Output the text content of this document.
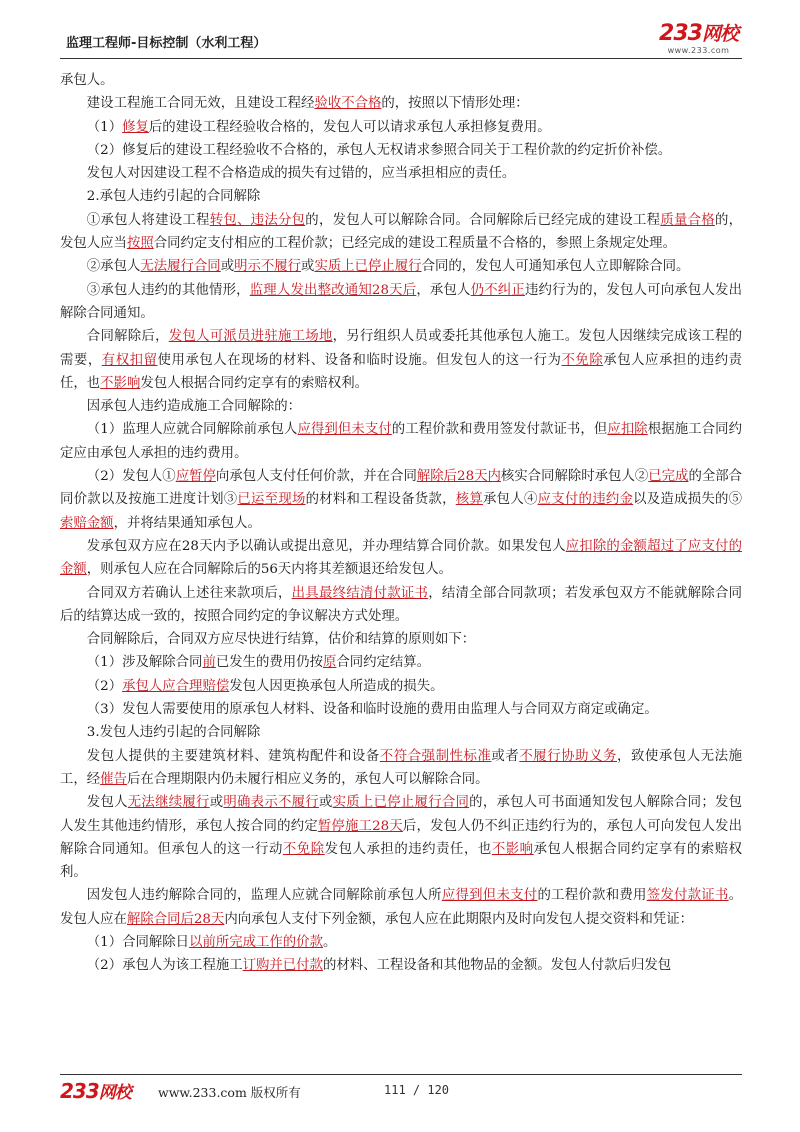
监理工程师-目标控制（水利工程）	233网校
www.233.com

承包人。

建设工程施工合同无效，且建设工程经验收不合格的，按照以下情形处理：

（1）修复后的建设工程经验收合格的，发包人可以请求承包人承担修复费用。

（2）修复后的建设工程经验收不合格的，承包人无权请求参照合同关于工程价款的约定折价补偿。

发包人对因建设工程不合格造成的损失有过错的，应当承担相应的责任。

2.承包人违约引起的合同解除

①承包人将建设工程转包、违法分包的，发包人可以解除合同。合同解除后已经完成的建设工程质量合格的，发包人应当按照合同约定支付相应的工程价款；已经完成的建设工程质量不合格的，参照上条规定处理。

②承包人无法履行合同或明示不履行或实质上已停止履行合同的，发包人可通知承包人立即解除合同。

③承包人违约的其他情形，监理人发出整改通知28天后，承包人仍不纠正违约行为的，发包人可向承包人发出解除合同通知。

合同解除后，发包人可派员进驻施工场地，另行组织人员或委托其他承包人施工。发包人因继续完成该工程的需要，有权扣留使用承包人在现场的材料、设备和临时设施。但发包人的这一行为不免除承包人应承担的违约责任，也不影响发包人根据合同约定享有的索赔权利。

因承包人违约造成施工合同解除的：

（1）监理人应就合同解除前承包人应得到但未支付的工程价款和费用签发付款证书，但应扣除根据施工合同约定应由承包人承担的违约费用。

（2）发包人①应暂停向承包人支付任何价款，并在合同解除后28天内核实合同解除时承包人②已完成的全部合同价款以及按施工进度计划③已运至现场的材料和工程设备货款，核算承包人④应支付的违约金以及造成损失的⑤索赔金额，并将结果通知承包人。

发承包双方应在28天内予以确认或提出意见，并办理结算合同价款。如果发包人应扣除的金额超过了应支付的金额，则承包人应在合同解除后的56天内将其差额退还给发包人。

合同双方若确认上述往来款项后，出具最终结清付款证书，结清全部合同款项；若发承包双方不能就解除合同后的结算达成一致的，按照合同约定的争议解决方式处理。

合同解除后，合同双方应尽快进行结算，估价和结算的原则如下：

（1）涉及解除合同前已发生的费用仍按原合同约定结算。

（2）承包人应合理赔偿发包人因更换承包人所造成的损失。

（3）发包人需要使用的原承包人材料、设备和临时设施的费用由监理人与合同双方商定或确定。

3.发包人违约引起的合同解除

发包人提供的主要建筑材料、建筑构配件和设备不符合强制性标准或者不履行协助义务，致使承包人无法施工，经催告后在合理期限内仍未履行相应义务的，承包人可以解除合同。

发包人无法继续履行或明确表示不履行或实质上已停止履行合同的，承包人可书面通知发包人解除合同；发包人发生其他违约情形，承包人按合同的约定暂停施工28天后，发包人仍不纠正违约行为的，承包人可向发包人发出解除合同通知。但承包人的这一行动不免除发包人承担的违约责任，也不影响承包人根据合同约定享有的索赔权利。

因发包人违约解除合同的，监理人应就合同解除前承包人所应得到但未支付的工程价款和费用签发付款证书。发包人应在解除合同后28天内向承包人支付下列金额，承包人应在此期限内及时向发包人提交资料和凭证：

（1）合同解除日以前所完成工作的价款。

（2）承包人为该工程施工订购并已付款的材料、工程设备和其他物品的金额。发包人付款后归发包

233网校 www.233.com 版权所有	111 / 120
